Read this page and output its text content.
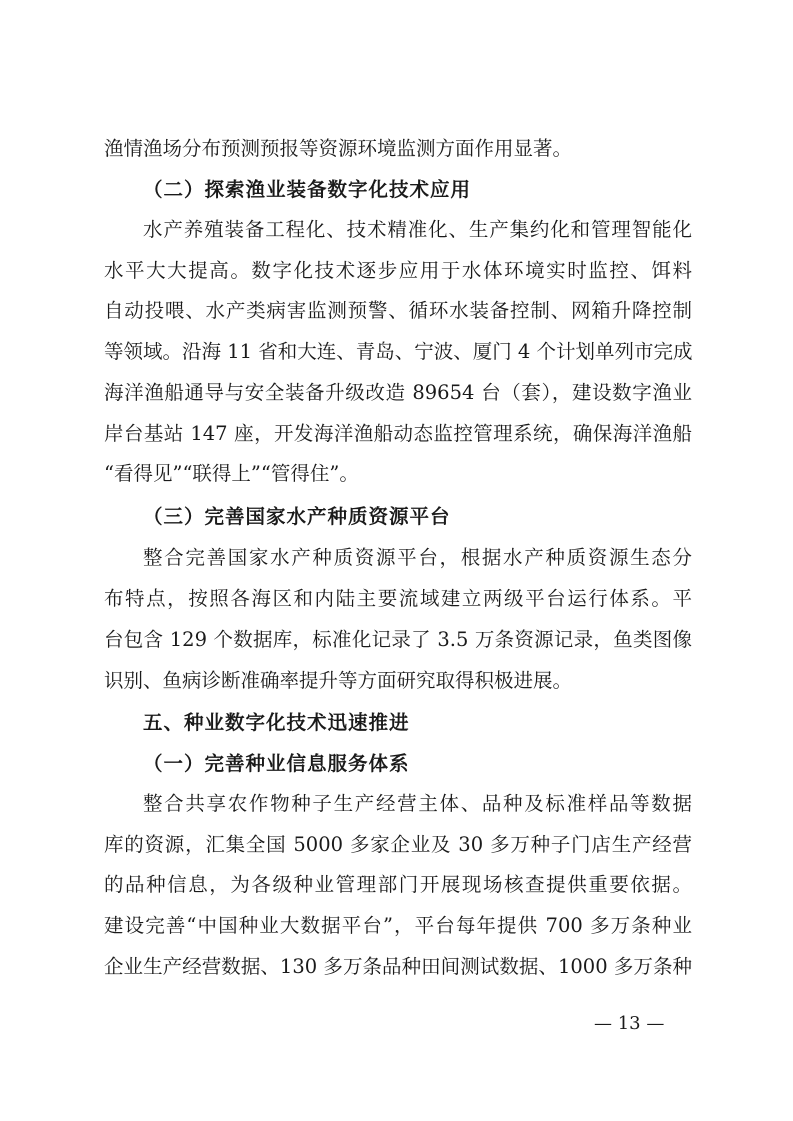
渔情渔场分布预测预报等资源环境监测方面作用显著。
（二）探索渔业装备数字化技术应用
水产养殖装备工程化、技术精准化、生产集约化和管理智能化
水平大大提高。数字化技术逐步应用于水体环境实时监控、饵料
自动投喂、水产类病害监测预警、循环水装备控制、网箱升降控制
等领域。沿海 11 省和大连、青岛、宁波、厦门 4 个计划单列市完成
海洋渔船通导与安全装备升级改造 89654 台（套），建设数字渔业
岸台基站 147 座，开发海洋渔船动态监控管理系统，确保海洋渔船
“看得见”“联得上”“管得住”。
（三）完善国家水产种质资源平台
整合完善国家水产种质资源平台，根据水产种质资源生态分
布特点，按照各海区和内陆主要流域建立两级平台运行体系。平
台包含 129 个数据库，标准化记录了 3.5 万条资源记录，鱼类图像
识别、鱼病诊断准确率提升等方面研究取得积极进展。
五、种业数字化技术迅速推进
（一）完善种业信息服务体系
整合共享农作物种子生产经营主体、品种及标准样品等数据
库的资源，汇集全国 5000 多家企业及 30 多万种子门店生产经营
的品种信息，为各级种业管理部门开展现场核查提供重要依据。
建设完善“中国种业大数据平台”，平台每年提供 700 多万条种业
企业生产经营数据、130 多万条品种田间测试数据、1000 多万条种
— 13 —
